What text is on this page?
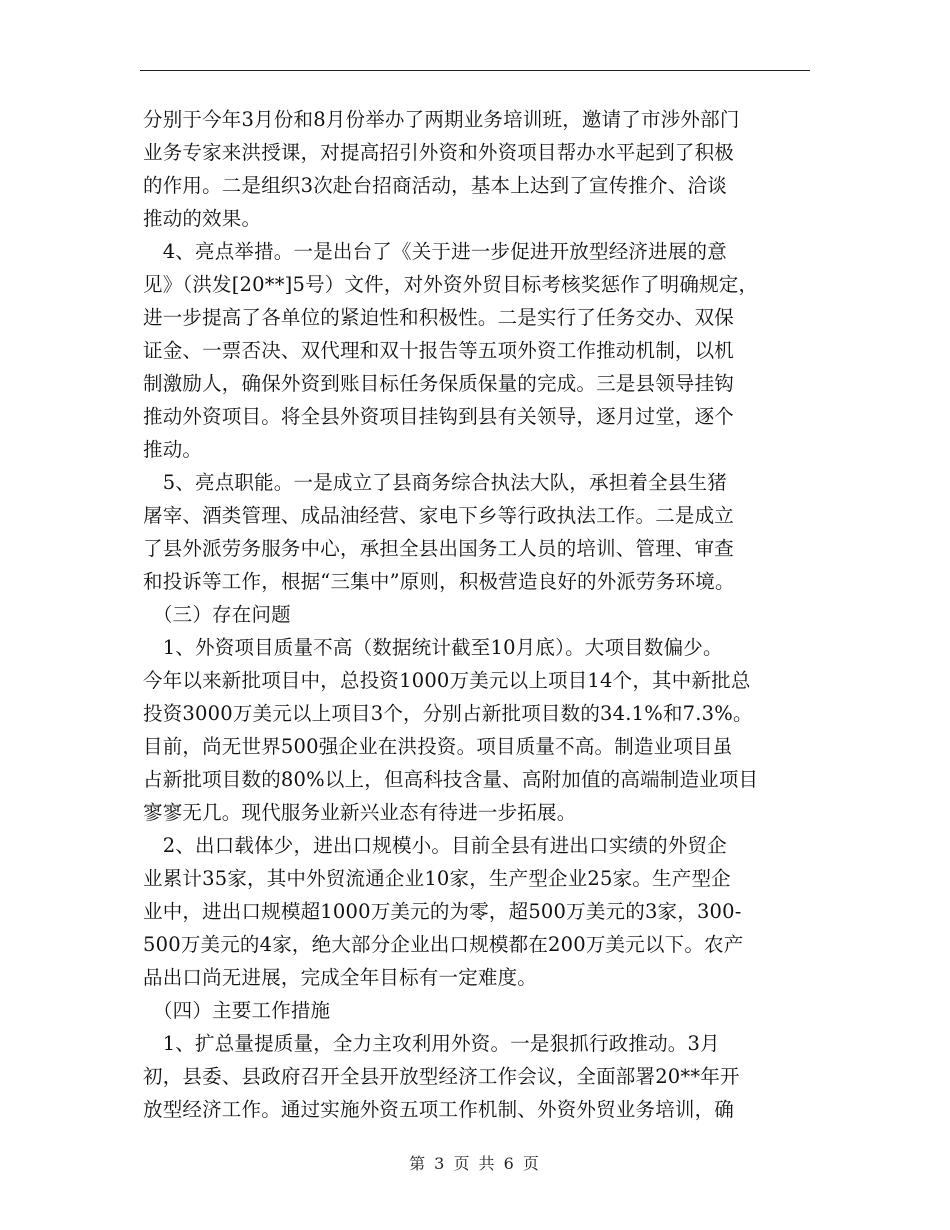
分别于今年3月份和8月份举办了两期业务培训班，邀请了市涉外部门
业务专家来洪授课，对提高招引外资和外资项目帮办水平起到了积极
的作用。二是组织3次赴台招商活动，基本上达到了宣传推介、洽谈
推动的效果。
　4、亮点举措。一是出台了《关于进一步促进开放型经济进展的意
见》（洪发[20**]5号）文件，对外资外贸目标考核奖惩作了明确规定，
进一步提高了各单位的紧迫性和积极性。二是实行了任务交办、双保
证金、一票否决、双代理和双十报告等五项外资工作推动机制，以机
制激励人，确保外资到账目标任务保质保量的完成。三是县领导挂钩
推动外资项目。将全县外资项目挂钩到县有关领导，逐月过堂，逐个
推动。
　5、亮点职能。一是成立了县商务综合执法大队，承担着全县生猪
屠宰、酒类管理、成品油经营、家电下乡等行政执法工作。二是成立
了县外派劳务服务中心，承担全县出国务工人员的培训、管理、审查
和投诉等工作，根据“三集中”原则，积极营造良好的外派劳务环境。
　（三）存在问题
　1、外资项目质量不高（数据统计截至10月底）。大项目数偏少。
今年以来新批项目中，总投资1000万美元以上项目14个，其中新批总
投资3000万美元以上项目3个，分别占新批项目数的34.1%和7.3%。
目前，尚无世界500强企业在洪投资。项目质量不高。制造业项目虽
占新批项目数的80%以上，但高科技含量、高附加值的高端制造业项目
寥寥无几。现代服务业新兴业态有待进一步拓展。
　2、出口载体少，进出口规模小。目前全县有进出口实绩的外贸企
业累计35家，其中外贸流通企业10家，生产型企业25家。生产型企
业中，进出口规模超1000万美元的为零，超500万美元的3家，300-
500万美元的4家，绝大部分企业出口规模都在200万美元以下。农产
品出口尚无进展，完成全年目标有一定难度。
　（四）主要工作措施
　1、扩总量提质量，全力主攻利用外资。一是狠抓行政推动。3月
初，县委、县政府召开全县开放型经济工作会议，全面部署20**年开
放型经济工作。通过实施外资五项工作机制、外资外贸业务培训，确
第 3 页 共 6 页
